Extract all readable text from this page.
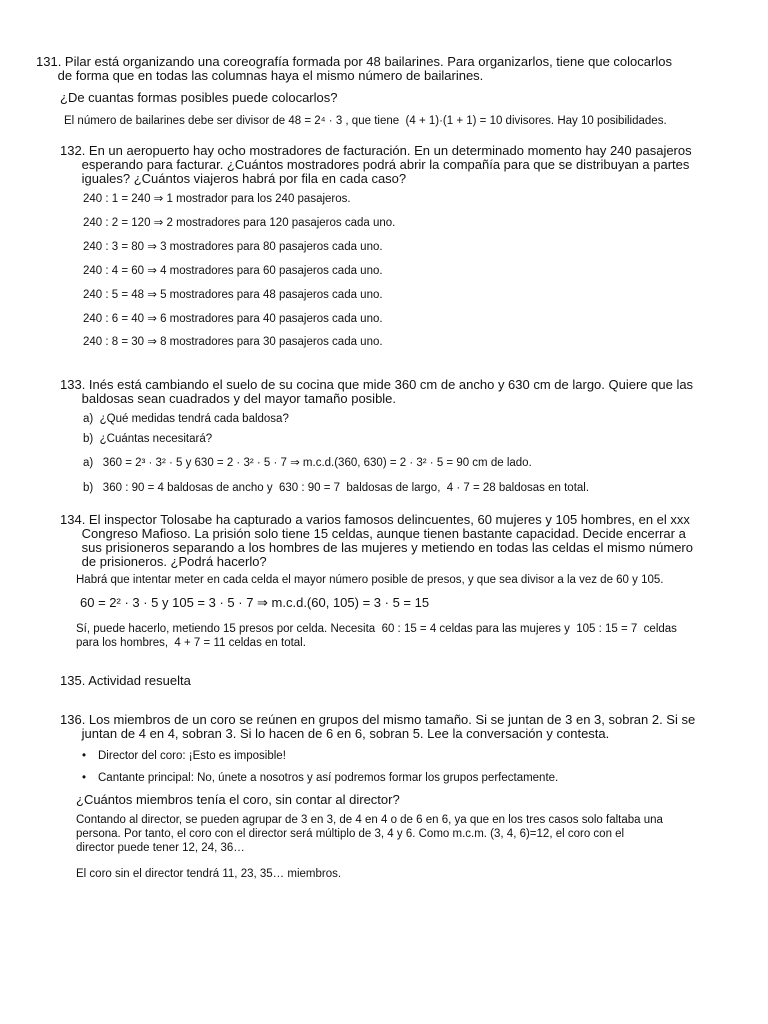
131. Pilar está organizando una coreografía formada por 48 bailarines. Para organizarlos, tiene que colocarlos
de forma que en todas las columnas haya el mismo número de bailarines.
¿De cuantas formas posibles puede colocarlos?
El número de bailarines debe ser divisor de 48 = 2⁴ · 3 , que tiene  (4 + 1)·(1 + 1) = 10 divisores. Hay 10 posibilidades.
132. En un aeropuerto hay ocho mostradores de facturación. En un determinado momento hay 240 pasajeros
esperando para facturar. ¿Cuántos mostradores podrá abrir la compañía para que se distribuyan a partes
iguales? ¿Cuántos viajeros habrá por fila en cada caso?
240 : 1 = 240 ⇒ 1 mostrador para los 240 pasajeros.
240 : 2 = 120 ⇒ 2 mostradores para 120 pasajeros cada uno.
240 : 3 = 80 ⇒ 3 mostradores para 80 pasajeros cada uno.
240 : 4 = 60 ⇒ 4 mostradores para 60 pasajeros cada uno.
240 : 5 = 48 ⇒ 5 mostradores para 48 pasajeros cada uno.
240 : 6 = 40 ⇒ 6 mostradores para 40 pasajeros cada uno.
240 : 8 = 30 ⇒ 8 mostradores para 30 pasajeros cada uno.
133. Inés está cambiando el suelo de su cocina que mide 360 cm de ancho y 630 cm de largo. Quiere que las
baldosas sean cuadrados y del mayor tamaño posible.
a)  ¿Qué medidas tendrá cada baldosa?
b)  ¿Cuántas necesitará?
a)   360 = 2³ · 3² · 5 y 630 = 2 · 3² · 5 · 7 ⇒ m.c.d.(360, 630) = 2 · 3² · 5 = 90 cm de lado.
b)   360 : 90 = 4 baldosas de ancho y  630 : 90 = 7  baldosas de largo,  4 · 7 = 28 baldosas en total.
134. El inspector Tolosabe ha capturado a varios famosos delincuentes, 60 mujeres y 105 hombres, en el xxx
Congreso Mafioso. La prisión solo tiene 15 celdas, aunque tienen bastante capacidad. Decide encerrar a
sus prisioneros separando a los hombres de las mujeres y metiendo en todas las celdas el mismo número
de prisioneros. ¿Podrá hacerlo?
Habrá que intentar meter en cada celda el mayor número posible de presos, y que sea divisor a la vez de 60 y 105.
60 = 2² · 3 · 5 y 105 = 3 · 5 · 7 ⇒ m.c.d.(60, 105) = 3 · 5 = 15
Sí, puede hacerlo, metiendo 15 presos por celda. Necesita  60 : 15 = 4 celdas para las mujeres y  105 : 15 = 7  celdas
para los hombres,  4 + 7 = 11 celdas en total.
135. Actividad resuelta
136. Los miembros de un coro se reúnen en grupos del mismo tamaño. Si se juntan de 3 en 3, sobran 2. Si se
juntan de 4 en 4, sobran 3. Si lo hacen de 6 en 6, sobran 5. Lee la conversación y contesta.
• Director del coro: ¡Esto es imposible!
• Cantante principal: No, únete a nosotros y así podremos formar los grupos perfectamente.
¿Cuántos miembros tenía el coro, sin contar al director?
Contando al director, se pueden agrupar de 3 en 3, de 4 en 4 o de 6 en 6, ya que en los tres casos solo faltaba una
persona. Por tanto, el coro con el director será múltiplo de 3, 4 y 6. Como m.c.m. (3, 4, 6)=12, el coro con el
director puede tener 12, 24, 36…
El coro sin el director tendrá 11, 23, 35… miembros.
